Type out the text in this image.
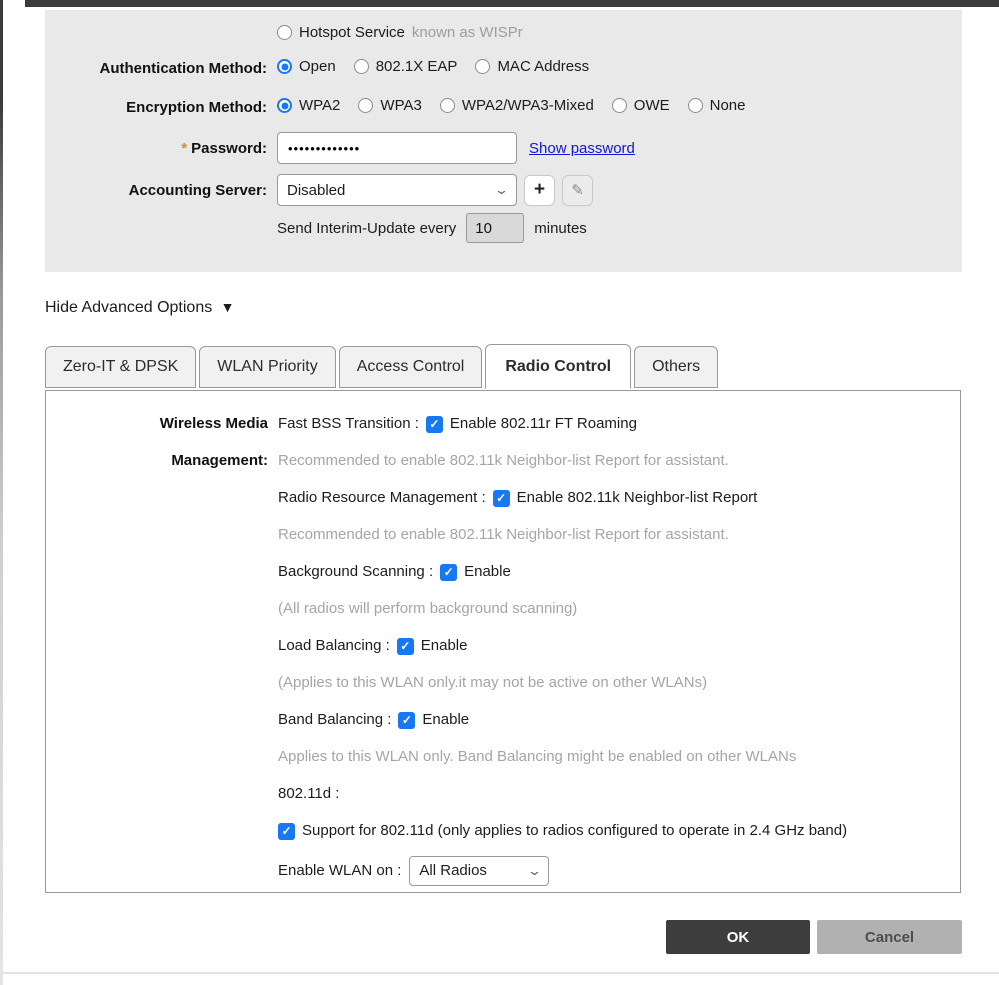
Hotspot Service known as WISPr
Authentication Method:	Open	802.1X EAP	MAC Address
Encryption Method:	WPA2	WPA3	WPA2/WPA3-Mixed	OWE	None
* Password:
•••••••••••••	Show password
Accounting Server:	Disabled	⌄	+	✎
Send Interim-Update every
10	minutes
Hide Advanced Options ▼
Zero-IT & DPSK	WLAN Priority	Access Control	Radio Control	Others
Wireless Media Fast BSS Transition : ✓ Enable 802.11r FT Roaming
Management: Recommended to enable 802.11k Neighbor-list Report for assistant.
Radio Resource Management : ✓ Enable 802.11k Neighbor-list Report
Recommended to enable 802.11k Neighbor-list Report for assistant.
Background Scanning : ✓ Enable
(All radios will perform background scanning)
Load Balancing : ✓ Enable
(Applies to this WLAN only.it may not be active on other WLANs)
Band Balancing : ✓ Enable
Applies to this WLAN only. Band Balancing might be enabled on other WLANs
802.11d :
✓ Support for 802.11d (only applies to radios configured to operate in 2.4 GHz band)
Enable WLAN on : All Radios	⌄
OK	Cancel
